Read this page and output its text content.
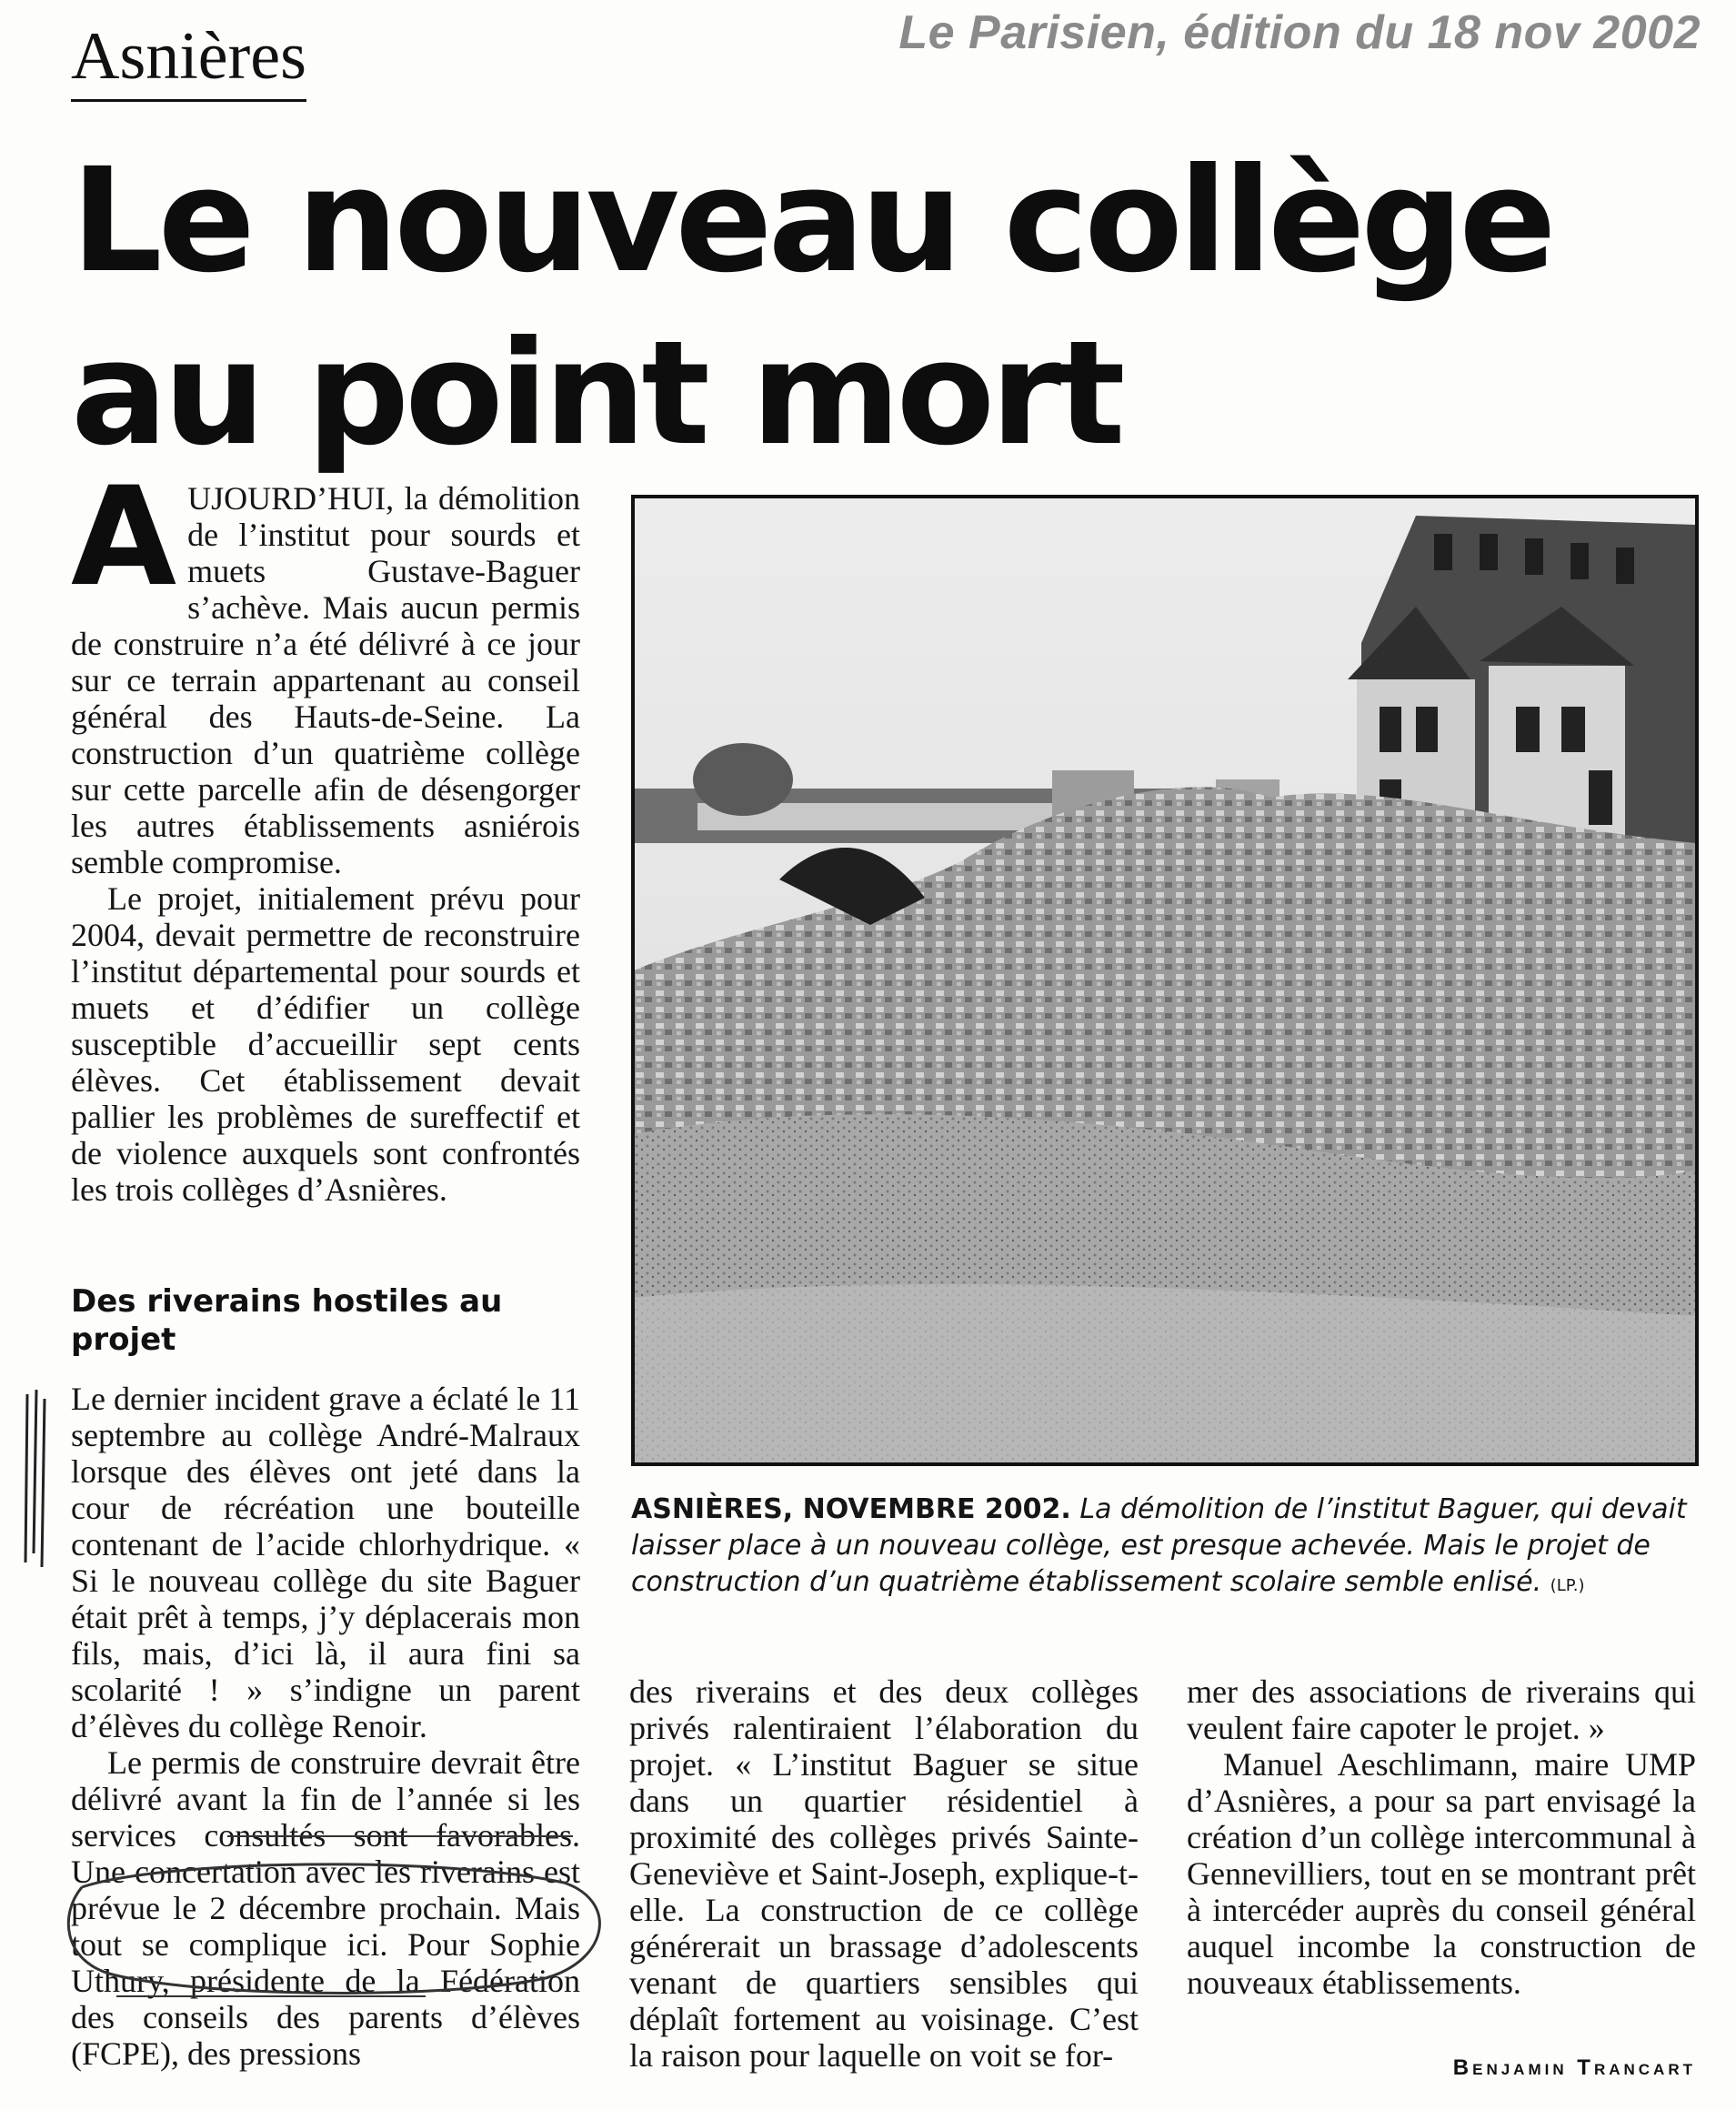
Le Parisien, édition du 18 nov 2002
Asnières
Le nouveau collège
au point mort

AUJOURD’HUI, la démolition de l’institut pour sourds et muets Gustave-Baguer s’achève. Mais aucun permis de construire n’a été délivré à ce jour sur ce terrain appartenant au conseil général des Hauts-de-Seine. La construction d’un quatrième collège sur cette parcelle afin de désengorger les autres établissements asniérois semble compromise.

Le projet, initialement prévu pour 2004, devait permettre de reconstruire l’institut départemental pour sourds et muets et d’édifier un collège susceptible d’accueillir sept cents élèves. Cet établissement devait pallier les problèmes de sureffectif et de violence auxquels sont confrontés les trois collèges d’Asnières.

Des riverains hostiles au projet

Le dernier incident grave a éclaté le 11 septembre au collège André-Malraux lorsque des élèves ont jeté dans la cour de récréation une bouteille contenant de l’acide chlorhydrique. « Si le nouveau collège du site Baguer était prêt à temps, j’y déplacerais mon fils, mais, d’ici là, il aura fini sa scolarité ! » s’indigne un parent d’élèves du collège Renoir.

Le permis de construire devrait être délivré avant la fin de l’année si les services consultés sont favorables. Une concertation avec les riverains est prévue le 2 décembre prochain. Mais tout se complique ici. Pour Sophie Uthury, présidente de la Fédération des conseils des parents d’élèves (FCPE), des pressions

ASNIÈRES, NOVEMBRE 2002. La démolition de l’institut Baguer, qui devait laisser place à un nouveau collège, est presque achevée. Mais le projet de construction d’un quatrième établissement scolaire semble enlisé. (LP.)

des riverains et des deux collèges privés ralentiraient l’élaboration du projet. « L’institut Baguer se situe dans un quartier résidentiel à proximité des collèges privés Sainte-Geneviève et Saint-Joseph, explique-t-elle. La construction de ce collège générerait un brassage d’adolescents venant de quartiers sensibles qui déplaît fortement au voisinage. C’est la raison pour laquelle on voit se for-

mer des associations de riverains qui veulent faire capoter le projet. »

Manuel Aeschlimann, maire UMP d’Asnières, a pour sa part envisagé la création d’un collège intercommunal à Gennevilliers, tout en se montrant prêt à intercéder auprès du conseil général auquel incombe la construction de nouveaux établissements.

Benjamin Trancart
